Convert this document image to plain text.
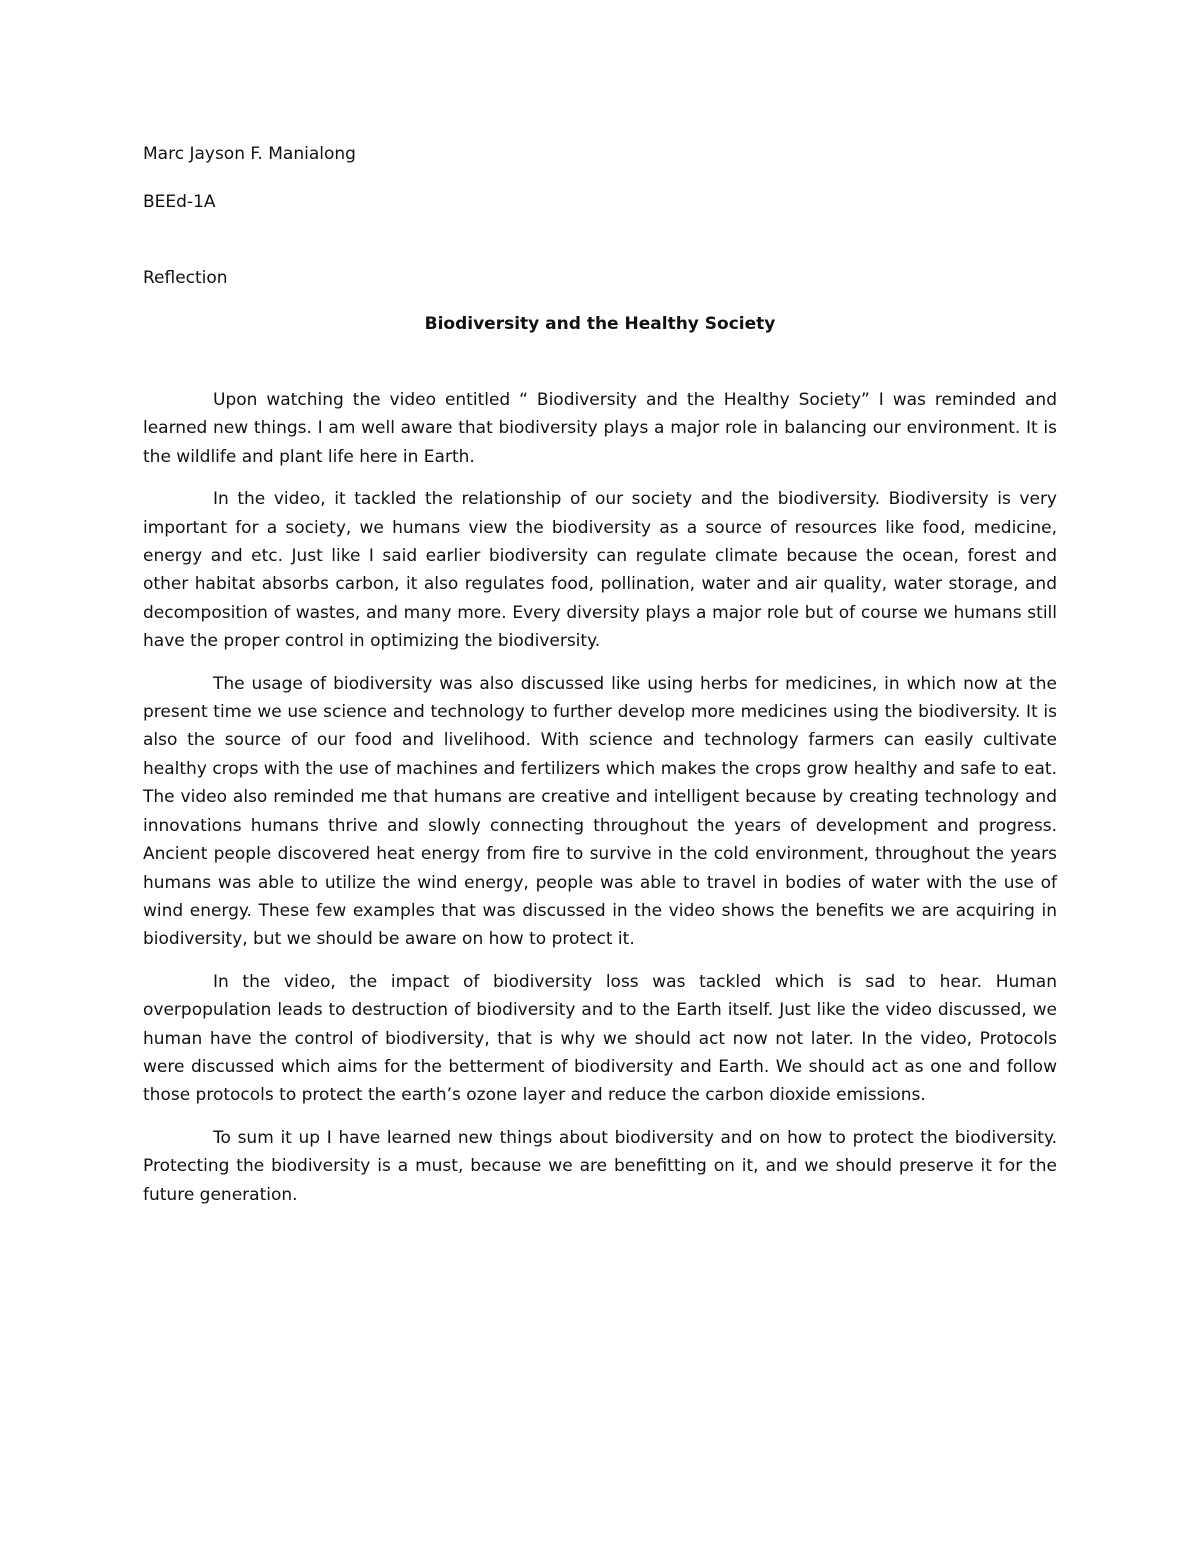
Marc Jayson F. Manialong

BEEd-1A

Reflection

Biodiversity and the Healthy Society

Upon watching the video entitled “ Biodiversity and the Healthy Society” I was reminded and learned new things. I am well aware that biodiversity plays a major role in balancing our environment. It is the wildlife and plant life here in Earth.

In the video, it tackled the relationship of our society and the biodiversity. Biodiversity is very important for a society, we humans view the biodiversity as a source of resources like food, medicine, energy and etc. Just like I said earlier biodiversity can regulate climate because the ocean, forest and other habitat absorbs carbon, it also regulates food, pollination, water and air quality, water storage, and decomposition of wastes, and many more. Every diversity plays a major role but of course we humans still have the proper control in optimizing the biodiversity.

The usage of biodiversity was also discussed like using herbs for medicines, in which now at the present time we use science and technology to further develop more medicines using the biodiversity. It is also the source of our food and livelihood. With science and technology farmers can easily cultivate healthy crops with the use of machines and fertilizers which makes the crops grow healthy and safe to eat. The video also reminded me that humans are creative and intelligent because by creating technology and innovations humans thrive and slowly connecting throughout the years of development and progress. Ancient people discovered heat energy from fire to survive in the cold environment, throughout the years humans was able to utilize the wind energy, people was able to travel in bodies of water with the use of wind energy. These few examples that was discussed in the video shows the benefits we are acquiring in biodiversity, but we should be aware on how to protect it.

In the video, the impact of biodiversity loss was tackled which is sad to hear. Human overpopulation leads to destruction of biodiversity and to the Earth itself. Just like the video discussed, we human have the control of biodiversity, that is why we should act now not later. In the video, Protocols were discussed which aims for the betterment of biodiversity and Earth. We should act as one and follow those protocols to protect the earth’s ozone layer and reduce the carbon dioxide emissions.

To sum it up I have learned new things about biodiversity and on how to protect the biodiversity. Protecting the biodiversity is a must, because we are benefitting on it, and we should preserve it for the future generation.
